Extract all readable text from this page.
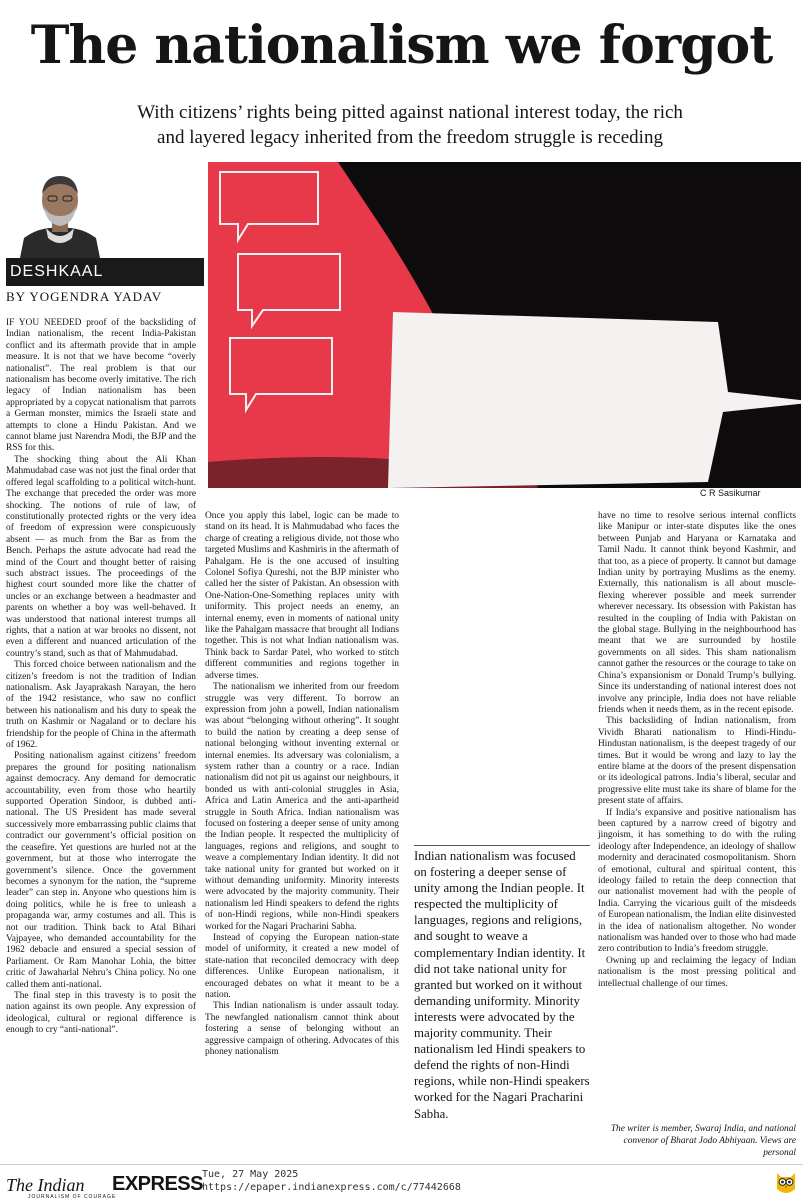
The nationalism we forgot
With citizens’ rights being pitted against national interest today, the rich and layered legacy inherited from the freedom struggle is receding
DESHKAAL
BY YOGENDRA YADAV
C R Sasikumar

IF YOU NEEDED proof of the backsliding of Indian nationalism, the recent India-Pakistan conflict and its aftermath provide that in ample measure. It is not that we have become “overly nationalist”. The real problem is that our nationalism has become overly imitative. The rich legacy of Indian nationalism has been appropriated by a copycat nationalism that parrots a German monster, mimics the Israeli state and attempts to clone a Hindu Pakistan. And we cannot blame just Narendra Modi, the BJP and the RSS for this.

The shocking thing about the Ali Khan Mahmudabad case was not just the final order that offered legal scaffolding to a political witch-hunt. The exchange that preceded the order was more shocking. The notions of rule of law, of constitutionally protected rights or the very idea of freedom of expression were conspicuously absent — as much from the Bar as from the Bench. Perhaps the astute advocate had read the mind of the Court and thought better of raising such abstract issues. The proceedings of the highest court sounded more like the chatter of uncles or an exchange between a headmaster and parents on whether a boy was well-behaved. It was understood that national interest trumps all rights, that a nation at war brooks no dissent, not even a different and nuanced articulation of the country’s stand, such as that of Mahmudabad.

This forced choice between nationalism and the citizen’s freedom is not the tradition of Indian nationalism. Ask Jayaprakash Narayan, the hero of the 1942 resistance, who saw no conflict between his nationalism and his duty to speak the truth on Kashmir or Nagaland or to declare his friendship for the people of China in the aftermath of 1962.

Positing nationalism against citizens’ freedom prepares the ground for positing nationalism against democracy. Any demand for democratic accountability, even from those who heartily supported Operation Sindoor, is dubbed anti-national. The US President has made several successively more embarrassing public claims that contradict our government’s official position on the ceasefire. Yet questions are hurled not at the government, but at those who interrogate the government’s silence. Once the government becomes a synonym for the nation, the “supreme leader” can step in. Anyone who questions him is doing politics, while he is free to unleash a propaganda war, army costumes and all. This is not our tradition. Think back to Atal Bihari Vajpayee, who demanded accountability for the 1962 debacle and ensured a special session of Parliament. Or Ram Manohar Lohia, the bitter critic of Jawaharlal Nehru’s China policy. No one called them anti-national.

The final step in this travesty is to posit the nation against its own people. Any expression of ideological, cultural or regional difference is enough to cry “anti-national”.

Once you apply this label, logic can be made to stand on its head. It is Mahmudabad who faces the charge of creating a religious divide, not those who targeted Muslims and Kashmiris in the aftermath of Pahalgam. He is the one accused of insulting Colonel Sofiya Qureshi, not the BJP minister who called her the sister of Pakistan. An obsession with One-Nation-One-Something replaces unity with uniformity. This project needs an enemy, an internal enemy, even in moments of national unity like the Pahalgam massacre that brought all Indians together. This is not what Indian nationalism was. Think back to Sardar Patel, who worked to stitch different communities and regions together in adverse times.

The nationalism we inherited from our freedom struggle was very different. To borrow an expression from john a powell, Indian nationalism was about “belonging without othering”. It sought to build the nation by creating a deep sense of national belonging without inventing external or internal enemies. Its adversary was colonialism, a system rather than a country or a race. Indian nationalism did not pit us against our neighbours, it bonded us with anti-colonial struggles in Asia, Africa and Latin America and the anti-apartheid struggle in South Africa. Indian nationalism was focused on fostering a deeper sense of unity among the Indian people. It respected the multiplicity of languages, regions and religions, and sought to weave a complementary Indian identity. It did not take national unity for granted but worked on it without demanding uniformity. Minority interests were advocated by the majority community. Their nationalism led Hindi speakers to defend the rights of non-Hindi regions, while non-Hindi speakers worked for the Nagari Pracharini Sabha.

Instead of copying the European nation-state model of uniformity, it created a new model of state-nation that reconciled democracy with deep differences. Unlike European nationalism, it encouraged debates on what it meant to be a nation.

This Indian nationalism is under assault today. The newfangled nationalism cannot think about fostering a sense of belonging without an aggressive campaign of othering. Advocates of this phoney nationalism

Indian nationalism was focused on fostering a deeper sense of unity among the Indian people. It respected the multiplicity of languages, regions and religions, and sought to weave a complementary Indian identity. It did not take national unity for granted but worked on it without demanding uniformity. Minority interests were advocated by the majority community. Their nationalism led Hindi speakers to defend the rights of non-Hindi regions, while non-Hindi speakers worked for the Nagari Pracharini Sabha.

have no time to resolve serious internal conflicts like Manipur or inter-state disputes like the ones between Punjab and Haryana or Karnataka and Tamil Nadu. It cannot think beyond Kashmir, and that too, as a piece of property. It cannot but damage Indian unity by portraying Muslims as the enemy. Externally, this nationalism is all about muscle-flexing wherever possible and meek surrender wherever necessary. Its obsession with Pakistan has resulted in the coupling of India with Pakistan on the global stage. Bullying in the neighbourhood has meant that we are surrounded by hostile governments on all sides. This sham nationalism cannot gather the resources or the courage to take on China’s expansionism or Donald Trump’s bullying. Since its understanding of national interest does not involve any principle, India does not have reliable friends when it needs them, as in the recent episode.

This backsliding of Indian nationalism, from Vividh Bharati nationalism to Hindi-Hindu-Hindustan nationalism, is the deepest tragedy of our times. But it would be wrong and lazy to lay the entire blame at the doors of the present dispensation or its ideological patrons. India’s liberal, secular and progressive elite must take its share of blame for the present state of affairs.

If India’s expansive and positive nationalism has been captured by a narrow creed of bigotry and jingoism, it has something to do with the ruling ideology after Independence, an ideology of shallow modernity and deracinated cosmopolitanism. Shorn of emotional, cultural and spiritual content, this ideology failed to retain the deep connection that our nationalist movement had with the people of India. Carrying the vicarious guilt of the misdeeds of European nationalism, the Indian elite disinvested in the idea of nationalism altogether. No wonder nationalism was handed over to those who had made zero contribution to India’s freedom struggle.

Owning up and reclaiming the legacy of Indian nationalism is the most pressing political and intellectual challenge of our times.

The writer is member, Swaraj India, and national convenor of Bharat Jodo Abhiyaan. Views are personal
The Indian EXPRESS
JOURNALISM OF COURAGE
Tue, 27 May 2025
https://epaper.indianexpress.com/c/77442668
